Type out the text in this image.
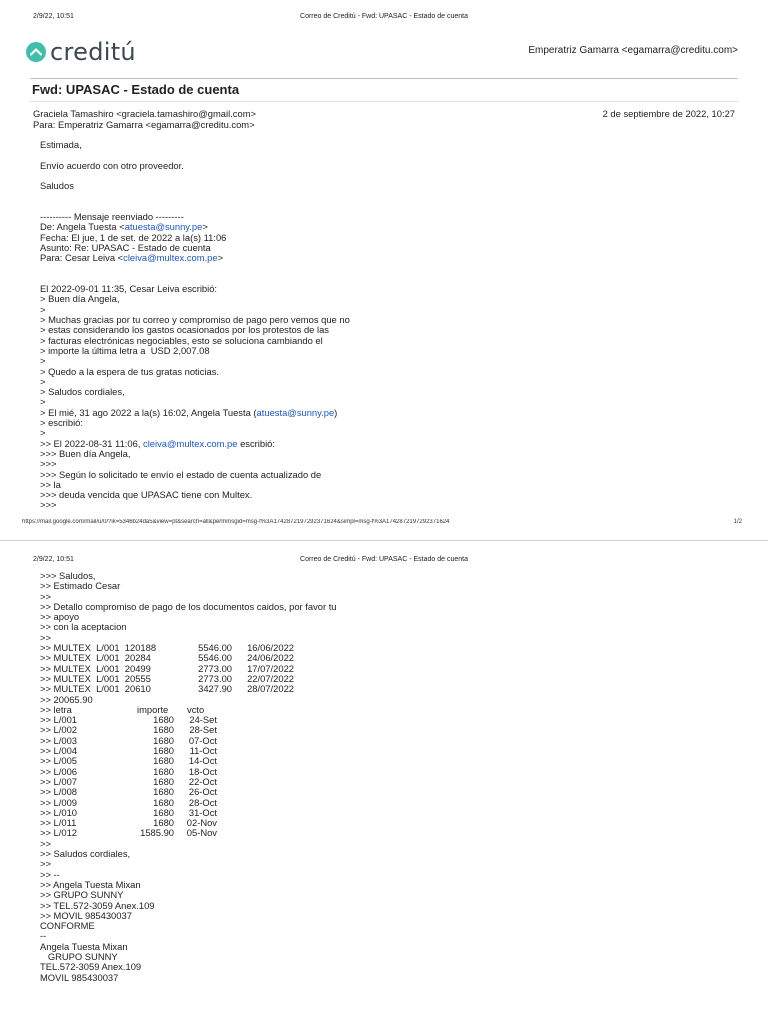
2/9/22, 10:51	Correo de Creditú - Fwd: UPASAC - Estado de cuenta
creditú	Emperatriz Gamarra <egamarra@creditu.com>
Fwd: UPASAC - Estado de cuenta
Graciela Tamashiro <graciela.tamashiro@gmail.com>
Para: Emperatriz Gamarra <egamarra@creditu.com>
2 de septiembre de 2022, 10:27
Estimada,
Envío acuerdo con otro proveedor.
Saludos
---------- Mensaje reenviado ---------
De: Angela Tuesta <atuesta@sunny.pe>
Fecha: El jue, 1 de set. de 2022 a la(s) 11:06
Asunto: Re: UPASAC - Estado de cuenta
Para: Cesar Leiva <cleiva@multex.com.pe>
El 2022-09-01 11:35, Cesar Leiva escribió:
> Buen día Angela,
>
> Muchas gracias por tu correo y compromiso de pago pero vemos que no
> estas considerando los gastos ocasionados por los protestos de las
> facturas electrónicas negociables, esto se soluciona cambiando el
> importe la última letra a  USD 2,007.08
>
> Quedo a la espera de tus gratas noticias.
>
> Saludos cordiales,
>
> El mié, 31 ago 2022 a la(s) 16:02, Angela Tuesta (atuesta@sunny.pe)
> escribió:
>
>> El 2022-08-31 11:06, cleiva@multex.com.pe escribió:
>>> Buen día Angela,
>>>
>>> Según lo solicitado te envío el estado de cuenta actualizado de
>> la
>>> deuda vencida que UPASAC tiene con Multex.
>>>
https://mail.google.com/mail/u/0/?ik=5346b24da5&view=pt&search=all&permmsgid=msg-f%3A1742872197292371624&simpl=msg-f%3A1742872197292371624	1/2
2/9/22, 10:51	Correo de Creditú - Fwd: UPASAC - Estado de cuenta
>>> Saludos,
>> Estimado Cesar
>>
>> Detallo compromiso de pago de los documentos caidos, por favor tu
>> apoyo
>> con la aceptacion
>>
>> MULTEX  L/001  120188	5546.00 16/06/2022
>> MULTEX  L/001  20284	5546.00 24/06/2022
>> MULTEX  L/001  20499	2773.00 17/07/2022
>> MULTEX  L/001  20555	2773.00 22/07/2022
>> MULTEX  L/001  20610	3427.90 28/07/2022
>> 20065.90
>> letra	importe vcto
>> L/001	1680 24-Set
>> L/002	1680 28-Set
>> L/003	1680 07-Oct
>> L/004	1680 11-Oct
>> L/005	1680 14-Oct
>> L/006	1680 18-Oct
>> L/007	1680 22-Oct
>> L/008	1680 26-Oct
>> L/009	1680 28-Oct
>> L/010	1680 31-Oct
>> L/011	1680 02-Nov
>> L/012	1585.90 05-Nov
>>
>> Saludos cordiales,
>>
>> --
>> Angela Tuesta Mixan
>> GRUPO SUNNY
>> TEL.572-3059 Anex.109
>> MOVIL 985430037
CONFORME
--
Angela Tuesta Mixan
GRUPO SUNNY
TEL.572-3059 Anex.109
MOVIL 985430037
